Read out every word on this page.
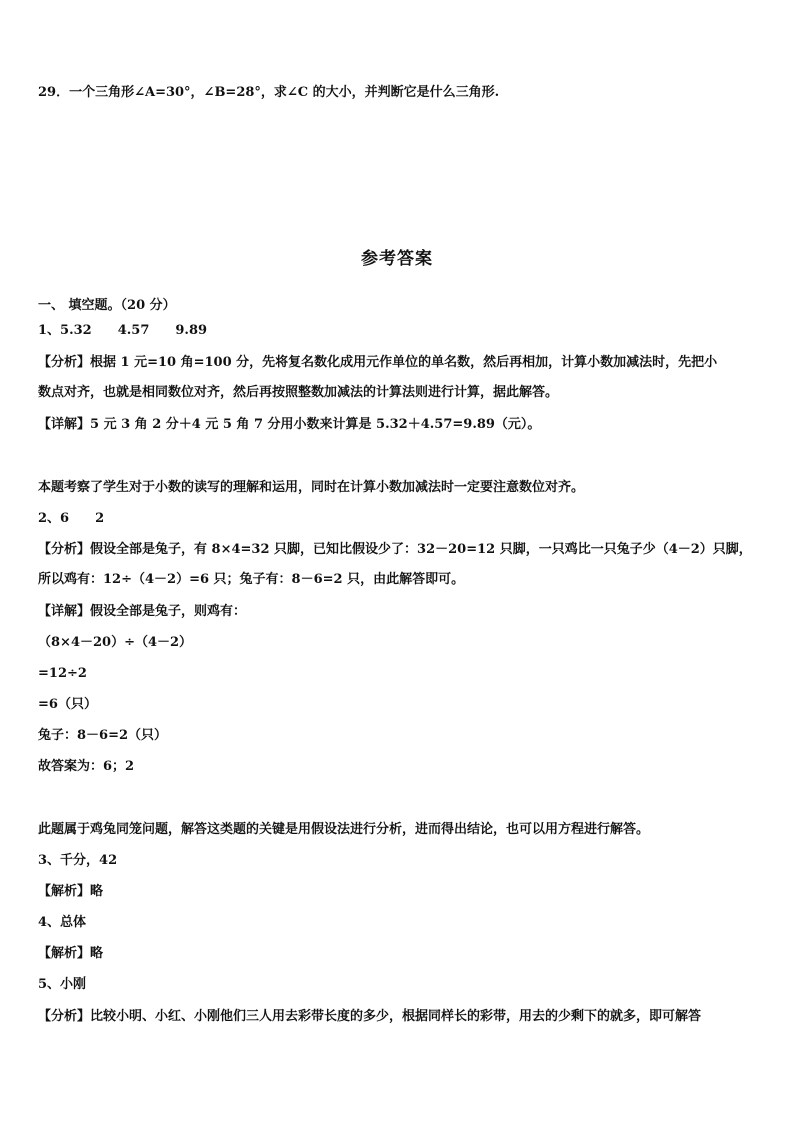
29．一个三角形∠A=30°，∠B=28°，求∠C 的大小，并判断它是什么三角形.
参考答案
一、 填空题。（20 分）
1、5.32　　4.57　　9.89
【分析】根据 1 元=10 角=100 分，先将复名数化成用元作单位的单名数，然后再相加，计算小数加减法时，先把小
数点对齐，也就是相同数位对齐，然后再按照整数加减法的计算法则进行计算，据此解答。
【详解】5 元 3 角 2 分＋4 元 5 角 7 分用小数来计算是 5.32＋4.57=9.89（元）。
本题考察了学生对于小数的读写的理解和运用，同时在计算小数加减法时一定要注意数位对齐。
2、6　　2
【分析】假设全部是兔子，有 8×4=32 只脚，已知比假设少了：32－20=12 只脚，一只鸡比一只兔子少（4－2）只脚，
所以鸡有：12÷（4－2）=6 只；兔子有：8－6=2 只，由此解答即可。
【详解】假设全部是兔子，则鸡有：
（8×4－20）÷（4－2）
=12÷2
=6（只）
兔子：8－6=2（只）
故答案为：6；2
此题属于鸡兔同笼问题，解答这类题的关键是用假设法进行分析，进而得出结论，也可以用方程进行解答。
3、千分，42
【解析】略
4、总体
【解析】略
5、小刚
【分析】比较小明、小红、小刚他们三人用去彩带长度的多少，根据同样长的彩带，用去的少剩下的就多，即可解答
